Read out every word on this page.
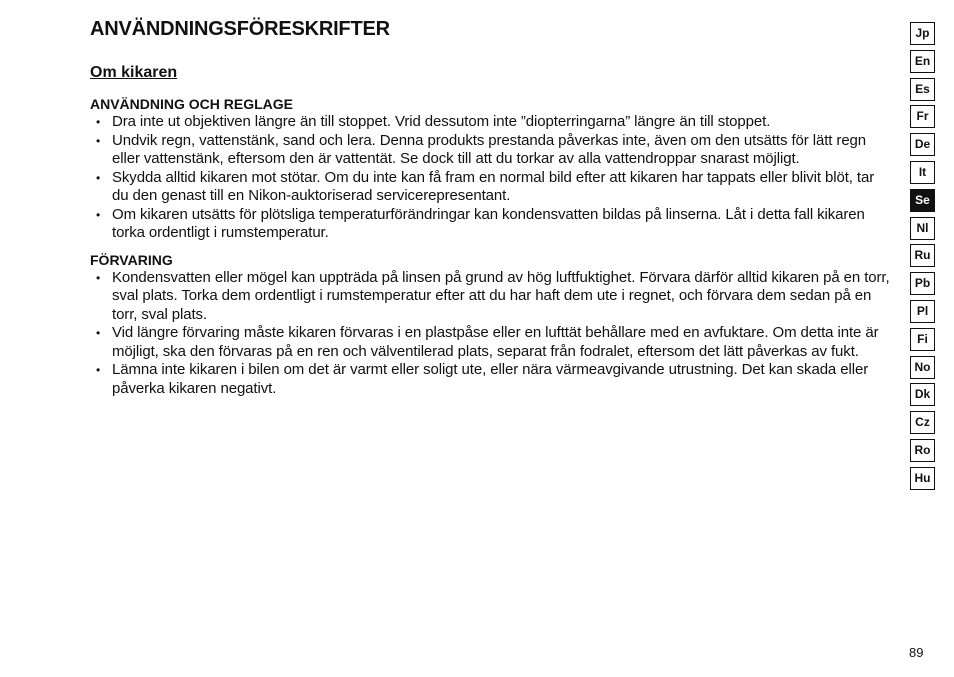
ANVÄNDNINGSFÖRESKRIFTER
Om kikaren
ANVÄNDNING OCH REGLAGE
• Dra inte ut objektiven längre än till stoppet. Vrid dessutom inte ”diopterringarna” längre än till stoppet.
• Undvik regn, vattenstänk, sand och lera. Denna produkts prestanda påverkas inte, även om den utsätts för lätt regn eller vattenstänk, eftersom den är vattentät. Se dock till att du torkar av alla vattendroppar snarast möjligt.
• Skydda alltid kikaren mot stötar. Om du inte kan få fram en normal bild efter att kikaren har tappats eller blivit blöt, tar du den genast till en Nikon-auktoriserad servicerepresentant.
• Om kikaren utsätts för plötsliga temperaturförändringar kan kondensvatten bildas på linserna. Låt i detta fall kikaren torka ordentligt i rumstemperatur.
FÖRVARING
• Kondensvatten eller mögel kan uppträda på linsen på grund av hög luftfuktighet. Förvara därför alltid kikaren på en torr, sval plats. Torka dem ordentligt i rumstemperatur efter att du har haft dem ute i regnet, och förvara dem sedan på en torr, sval plats.
• Vid längre förvaring måste kikaren förvaras i en plastpåse eller en lufttät behållare med en avfuktare. Om detta inte är möjligt, ska den förvaras på en ren och välventilerad plats, separat från fodralet, eftersom det lätt påverkas av fukt.
• Lämna inte kikaren i bilen om det är varmt eller soligt ute, eller nära värmeavgivande utrustning. Det kan skada eller påverka kikaren negativt.
Jp
En
Es
Fr
De
It
Se
Nl
Ru
Pb
Pl
Fi
No
Dk
Cz
Ro
Hu
89
